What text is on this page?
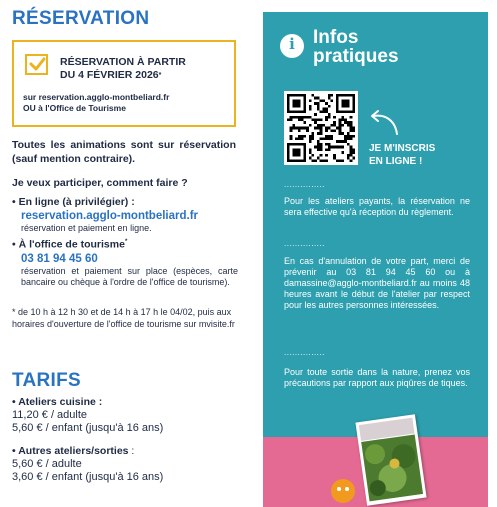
RÉSERVATION
RÉSERVATION À PARTIR
DU 4 FÉVRIER 2026*
sur reservation.agglo-montbeliard.fr
OU à l'Office de Tourisme
Toutes les animations sont sur réservation (sauf mention contraire).
Je veux participer, comment faire ?
• En ligne (à privilégier) :
reservation.agglo-montbeliard.fr
réservation et paiement en ligne.
• À l'office de tourisme*
03 81 94 45 60
réservation et paiement sur place (espèces, carte bancaire ou chèque à l'ordre de l'office de tourisme).
* de 10 h à 12 h 30 et de 14 h à 17 h le 04/02, puis aux horaires d'ouverture de l'office de tourisme sur mvisite.fr
TARIFS
• Ateliers cuisine :
11,20 € / adulte
5,60 € / enfant (jusqu'à 16 ans)
• Autres ateliers/sorties :
5,60 € / adulte
3,60 € / enfant (jusqu'à 16 ans)
i Infos
pratiques
JE M'INSCRIS
EN LIGNE !
...............
Pour les ateliers payants, la réservation ne sera effective qu'à réception du règlement.
...............
En cas d'annulation de votre part, merci de prévenir au 03 81 94 45 60 ou à damassine@agglo-montbeliard.fr au moins 48 heures avant le début de l'atelier par respect pour les autres personnes intéressées.
...............
Pour toute sortie dans la nature, prenez vos précautions par rapport aux piqûres de tiques.
